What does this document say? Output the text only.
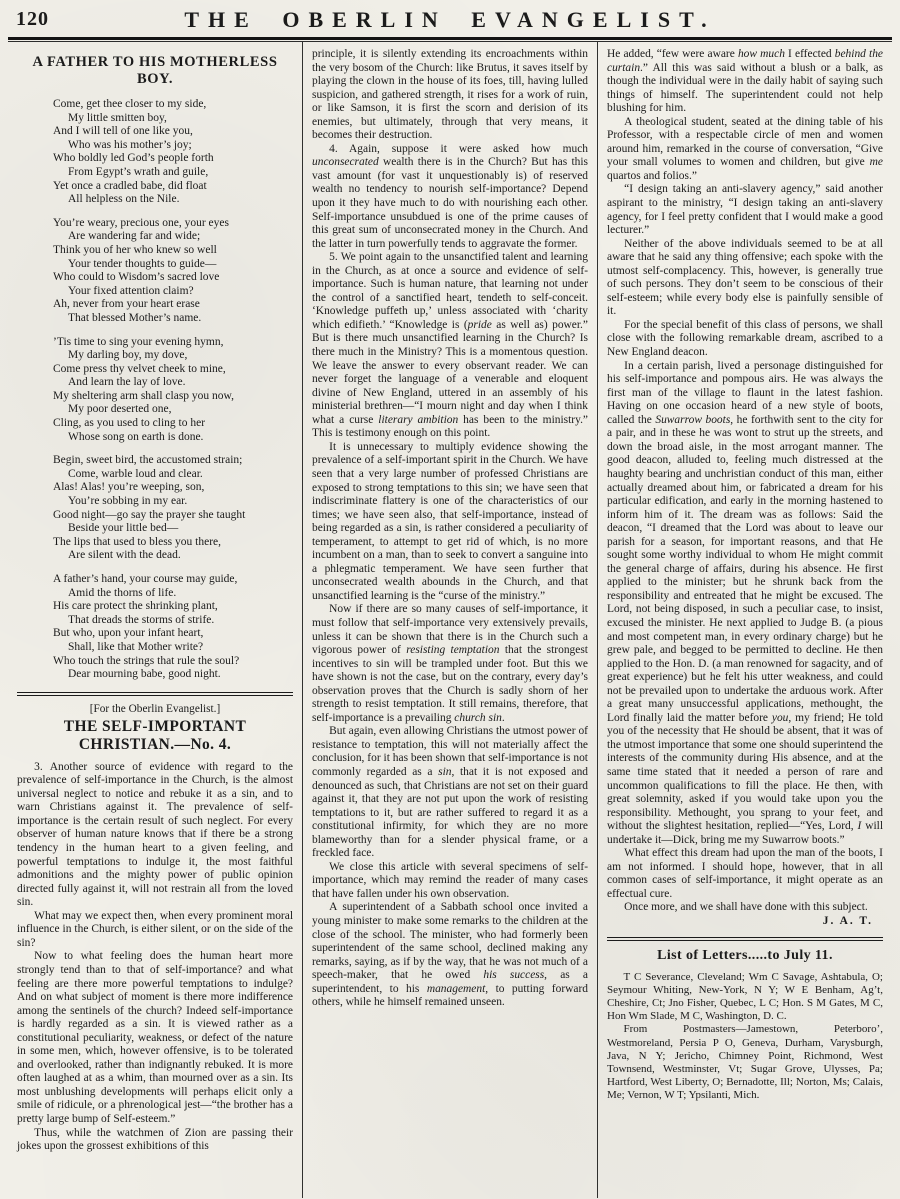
120	THE OBERLIN EVANGELIST.
A FATHER TO HIS MOTHERLESS BOY.
Come, get thee closer to my side,
My little smitten boy,
And I will tell of one like you,
Who was his mother’s joy;
Who boldly led God’s people forth
From Egypt’s wrath and guile,
Yet once a cradled babe, did float
All helpless on the Nile.
You’re weary, precious one, your eyes
Are wandering far and wide;
Think you of her who knew so well
Your tender thoughts to guide—
Who could to Wisdom’s sacred love
Your fixed attention claim?
Ah, never from your heart erase
That blessed Mother’s name.
’Tis time to sing your evening hymn,
My darling boy, my dove,
Come press thy velvet cheek to mine,
And learn the lay of love.
My sheltering arm shall clasp you now,
My poor deserted one,
Cling, as you used to cling to her
Whose song on earth is done.
Begin, sweet bird, the accustomed strain;
Come, warble loud and clear.
Alas! Alas! you’re weeping, son,
You’re sobbing in my ear.
Good night—go say the prayer she taught
Beside your little bed—
The lips that used to bless you there,
Are silent with the dead.
A father’s hand, your course may guide,
Amid the thorns of life.
His care protect the shrinking plant,
That dreads the storms of strife.
But who, upon your infant heart,
Shall, like that Mother write?
Who touch the strings that rule the soul?
Dear mourning babe, good night.
[For the Oberlin Evangelist.]
THE SELF-IMPORTANT CHRISTIAN.—No. 4.

3. Another source of evidence with regard to the prevalence of self-importance in the Church, is the almost universal neglect to notice and rebuke it as a sin, and to warn Christians against it. The prevalence of self-importance is the certain result of such neglect. For every observer of human nature knows that if there be a strong tendency in the human heart to a given feeling, and powerful temptations to indulge it, the most faithful admonitions and the mighty power of public opinion directed fully against it, will not restrain all from the loved sin.

What may we expect then, when every prominent moral influence in the Church, is either silent, or on the side of the sin?

Now to what feeling does the human heart more strongly tend than to that of self-importance? and what feeling are there more powerful temptations to indulge? And on what subject of moment is there more indifference among the sentinels of the church? Indeed self-importance is hardly regarded as a sin. It is viewed rather as a constitutional peculiarity, weakness, or defect of the nature in some men, which, however offensive, is to be tolerated and overlooked, rather than indignantly rebuked. It is more often laughed at as a whim, than mourned over as a sin. Its most unblushing developments will perhaps elicit only a smile of ridicule, or a phrenological jest—“the brother has a pretty large bump of Self-esteem.”

Thus, while the watchmen of Zion are passing their jokes upon the grossest exhibitions of this

principle, it is silently extending its encroachments within the very bosom of the Church: like Brutus, it saves itself by playing the clown in the house of its foes, till, having lulled suspicion, and gathered strength, it rises for a work of ruin, or like Samson, it is first the scorn and derision of its enemies, but ultimately, through that very means, it becomes their destruction.

4. Again, suppose it were asked how much unconsecrated wealth there is in the Church? But has this vast amount (for vast it unquestionably is) of reserved wealth no tendency to nourish self-importance? Depend upon it they have much to do with nourishing each other. Self-importance unsubdued is one of the prime causes of this great sum of unconsecrated money in the Church. And the latter in turn powerfully tends to aggravate the former.

5. We point again to the unsanctified talent and learning in the Church, as at once a source and evidence of self-importance. Such is human nature, that learning not under the control of a sanctified heart, tendeth to self-conceit. ‘Knowledge puffeth up,’ unless associated with ‘charity which edifieth.’ “Knowledge is (pride as well as) power.” But is there much unsanctified learning in the Church? Is there much in the Ministry? This is a momentous question. We leave the answer to every observant reader. We can never forget the language of a venerable and eloquent divine of New England, uttered in an assembly of his ministerial brethren—“I mourn night and day when I think what a curse literary ambition has been to the ministry.” This is testimony enough on this point.

It is unnecessary to multiply evidence showing the prevalence of a self-important spirit in the Church. We have seen that a very large number of professed Christians are exposed to strong temptations to this sin; we have seen that indiscriminate flattery is one of the characteristics of our times; we have seen also, that self-importance, instead of being regarded as a sin, is rather considered a peculiarity of temperament, to attempt to get rid of which, is no more incumbent on a man, than to seek to convert a sanguine into a phlegmatic temperament. We have seen further that unconsecrated wealth abounds in the Church, and that unsanctified learning is the “curse of the ministry.”

Now if there are so many causes of self-importance, it must follow that self-importance very extensively prevails, unless it can be shown that there is in the Church such a vigorous power of resisting temptation that the strongest incentives to sin will be trampled under foot. But this we have shown is not the case, but on the contrary, every day’s observation proves that the Church is sadly shorn of her strength to resist temptation. It still remains, therefore, that self-importance is a prevailing church sin.

But again, even allowing Christians the utmost power of resistance to temptation, this will not materially affect the conclusion, for it has been shown that self-importance is not commonly regarded as a sin, that it is not exposed and denounced as such, that Christians are not set on their guard against it, that they are not put upon the work of resisting temptations to it, but are rather suffered to regard it as a constitutional infirmity, for which they are no more blameworthy than for a slender physical frame, or a freckled face.

We close this article with several specimens of self-importance, which may remind the reader of many cases that have fallen under his own observation.

A superintendent of a Sabbath school once invited a young minister to make some remarks to the children at the close of the school. The minister, who had formerly been superintendent of the same school, declined making any remarks, saying, as if by the way, that he was not much of a speech-maker, that he owed his success, as a superintendent, to his management, to putting forward others, while he himself remained unseen.

He added, “few were aware how much I effected behind the curtain.” All this was said without a blush or a balk, as though the individual were in the daily habit of saying such things of himself. The superintendent could not help blushing for him.

A theological student, seated at the dining table of his Professor, with a respectable circle of men and women around him, remarked in the course of conversation, “Give your small volumes to women and children, but give me quartos and folios.”

“I design taking an anti-slavery agency,” said another aspirant to the ministry, “I design taking an anti-slavery agency, for I feel pretty confident that I would make a good lecturer.”

Neither of the above individuals seemed to be at all aware that he said any thing offensive; each spoke with the utmost self-complacency. This, however, is generally true of such persons. They don’t seem to be conscious of their self-esteem; while every body else is painfully sensible of it.

For the special benefit of this class of persons, we shall close with the following remarkable dream, ascribed to a New England deacon.

In a certain parish, lived a personage distinguished for his self-importance and pompous airs. He was always the first man of the village to flaunt in the latest fashion. Having on one occasion heard of a new style of boots, called the Suwarrow boots, he forthwith sent to the city for a pair, and in these he was wont to strut up the streets, and down the broad aisle, in the most arrogant manner. The good deacon, alluded to, feeling much distressed at the haughty bearing and unchristian conduct of this man, either actually dreamed about him, or fabricated a dream for his particular edification, and early in the morning hastened to inform him of it. The dream was as follows: Said the deacon, “I dreamed that the Lord was about to leave our parish for a season, for important reasons, and that He sought some worthy individual to whom He might commit the general charge of affairs, during his absence. He first applied to the minister; but he shrunk back from the responsibility and entreated that he might be excused. The Lord, not being disposed, in such a peculiar case, to insist, excused the minister. He next applied to Judge B. (a pious and most competent man, in every ordinary charge) but he grew pale, and begged to be permitted to decline. He then applied to the Hon. D. (a man renowned for sagacity, and of great experience) but he felt his utter weakness, and could not be prevailed upon to undertake the arduous work. After a great many unsuccessful applications, methought, the Lord finally laid the matter before you, my friend; He told you of the necessity that He should be absent, that it was of the utmost importance that some one should superintend the interests of the community during His absence, and at the same time stated that it needed a person of rare and uncommon qualifications to fill the place. He then, with great solemnity, asked if you would take upon you the responsibility. Methought, you sprang to your feet, and without the slightest hesitation, replied—“Yes, Lord, I will undertake it—Dick, bring me my Suwarrow boots.”

What effect this dream had upon the man of the boots, I am not informed. I should hope, however, that in all common cases of self-importance, it might operate as an effectual cure.

Once more, and we shall have done with this subject.
J. A. T.

List of Letters.....to July 11.

T C Severance, Cleveland; Wm C Savage, Ashtabula, O; Seymour Whiting, New-York, N Y; W E Benham, Ag’t, Cheshire, Ct; Jno Fisher, Quebec, L C; Hon. S M Gates, M C, Hon Wm Slade, M C, Washington, D. C.

From Postmasters—Jamestown, Peterboro’, Westmoreland, Persia P O, Geneva, Durham, Varysburgh, Java, N Y; Jericho, Chimney Point, Richmond, West Townsend, Westminster, Vt; Sugar Grove, Ulysses, Pa; Hartford, West Liberty, O; Bernadotte, Ill; Norton, Ms; Calais, Me; Vernon, W T; Ypsilanti, Mich.
